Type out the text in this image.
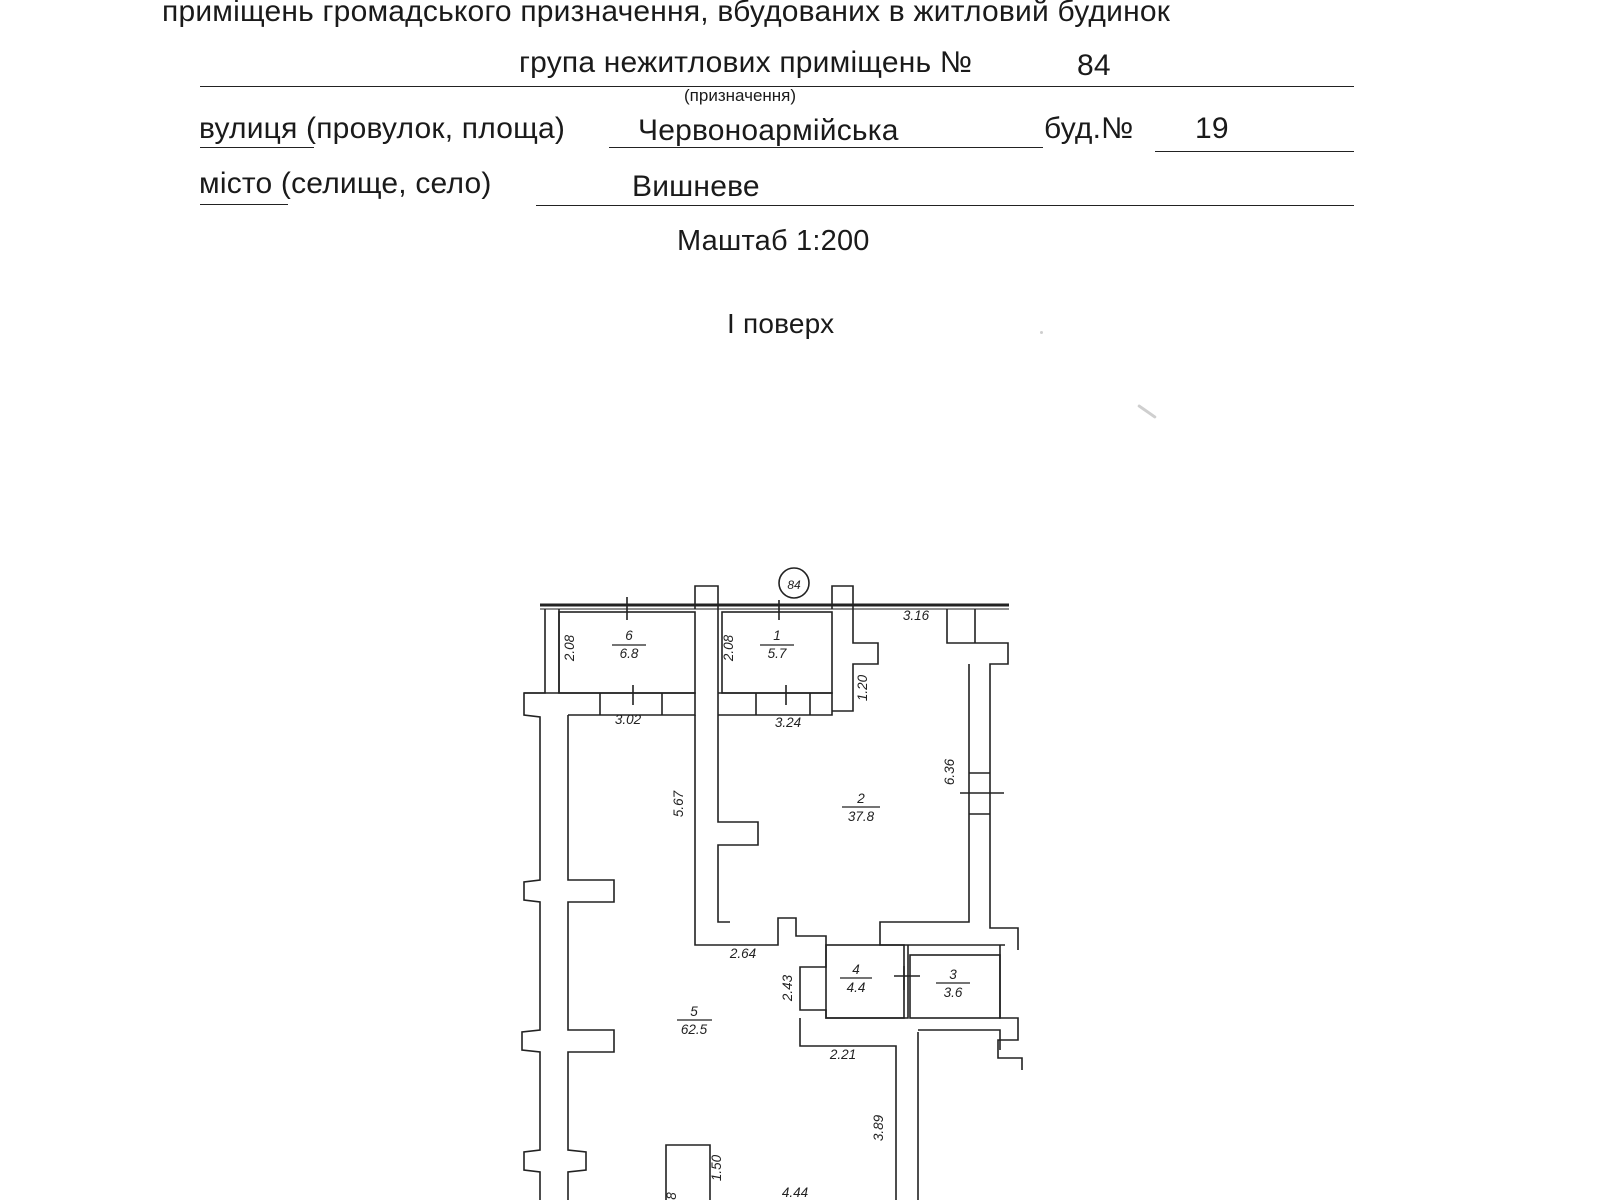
приміщень громадського призначення, вбудованих в житловий будинок
група нежитлових приміщень №	84
(призначення)
вулиця (провулок, площа) Червоноармійська	буд.№ 19
місто (селище, село)	Вишневе
Маштаб 1:200
І поверх
84
6
6.8
1
5.7
2
37.8
4
4.4
3
3.6
5
62.5
2.08	2.08
3.16
1.20
3.02	3.24
5.67
6.36
2.64
2.43
2.21
3.89
1.50
4.44
8
